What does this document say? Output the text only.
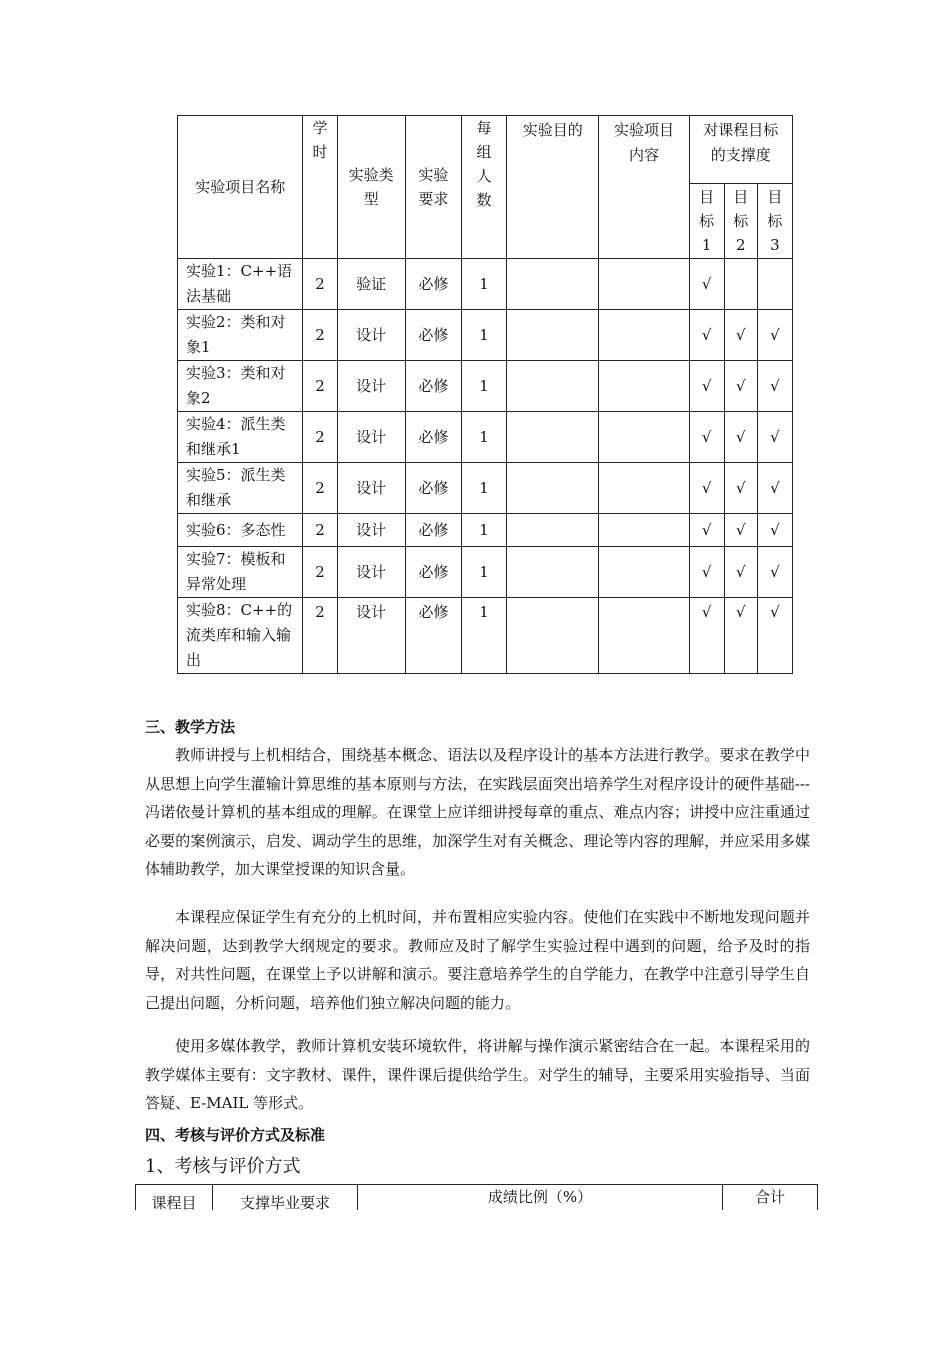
实验项目名称	学时	实验类型	实验要求	每组人数	实验目的	实验项目内容	对课程目标的支撑度		
							目标1	目标2	目标3
实验1：C++语法基础	2	验证	必修	1			√		
实验2：类和对象1	2	设计	必修	1			√	√	√
实验3：类和对象2	2	设计	必修	1			√	√	√
实验4：派生类和继承1	2	设计	必修	1			√	√	√
实验5：派生类和继承	2	设计	必修	1			√	√	√
实验6：多态性	2	设计	必修	1			√	√	√
实验7：模板和异常处理	2	设计	必修	1			√	√	√
实验8：C++的流类库和输入输出	2	设计	必修	1			√	√	√
三、教学方法

教师讲授与上机相结合，围绕基本概念、语法以及程序设计的基本方法进行教学。要求在教学中从思想上向学生灌输计算思维的基本原则与方法，在实践层面突出培养学生对程序设计的硬件基础---冯诺依曼计算机的基本组成的理解。在课堂上应详细讲授每章的重点、难点内容；讲授中应注重通过必要的案例演示，启发、调动学生的思维，加深学生对有关概念、理论等内容的理解，并应采用多媒体辅助教学，加大课堂授课的知识含量。

本课程应保证学生有充分的上机时间，并布置相应实验内容。使他们在实践中不断地发现问题并解决问题，达到教学大纲规定的要求。教师应及时了解学生实验过程中遇到的问题，给予及时的指导，对共性问题，在课堂上予以讲解和演示。要注意培养学生的自学能力，在教学中注意引导学生自己提出问题，分析问题，培养他们独立解决问题的能力。

使用多媒体教学，教师计算机安装环境软件，将讲解与操作演示紧密结合在一起。本课程采用的教学媒体主要有：文字教材、课件，课件课后提供给学生。对学生的辅导，主要采用实验指导、当面答疑、E-MAIL 等形式。

四、考核与评价方式及标准
1、考核与评价方式
课程目	支撑毕业要求	成绩比例（%）	合计
